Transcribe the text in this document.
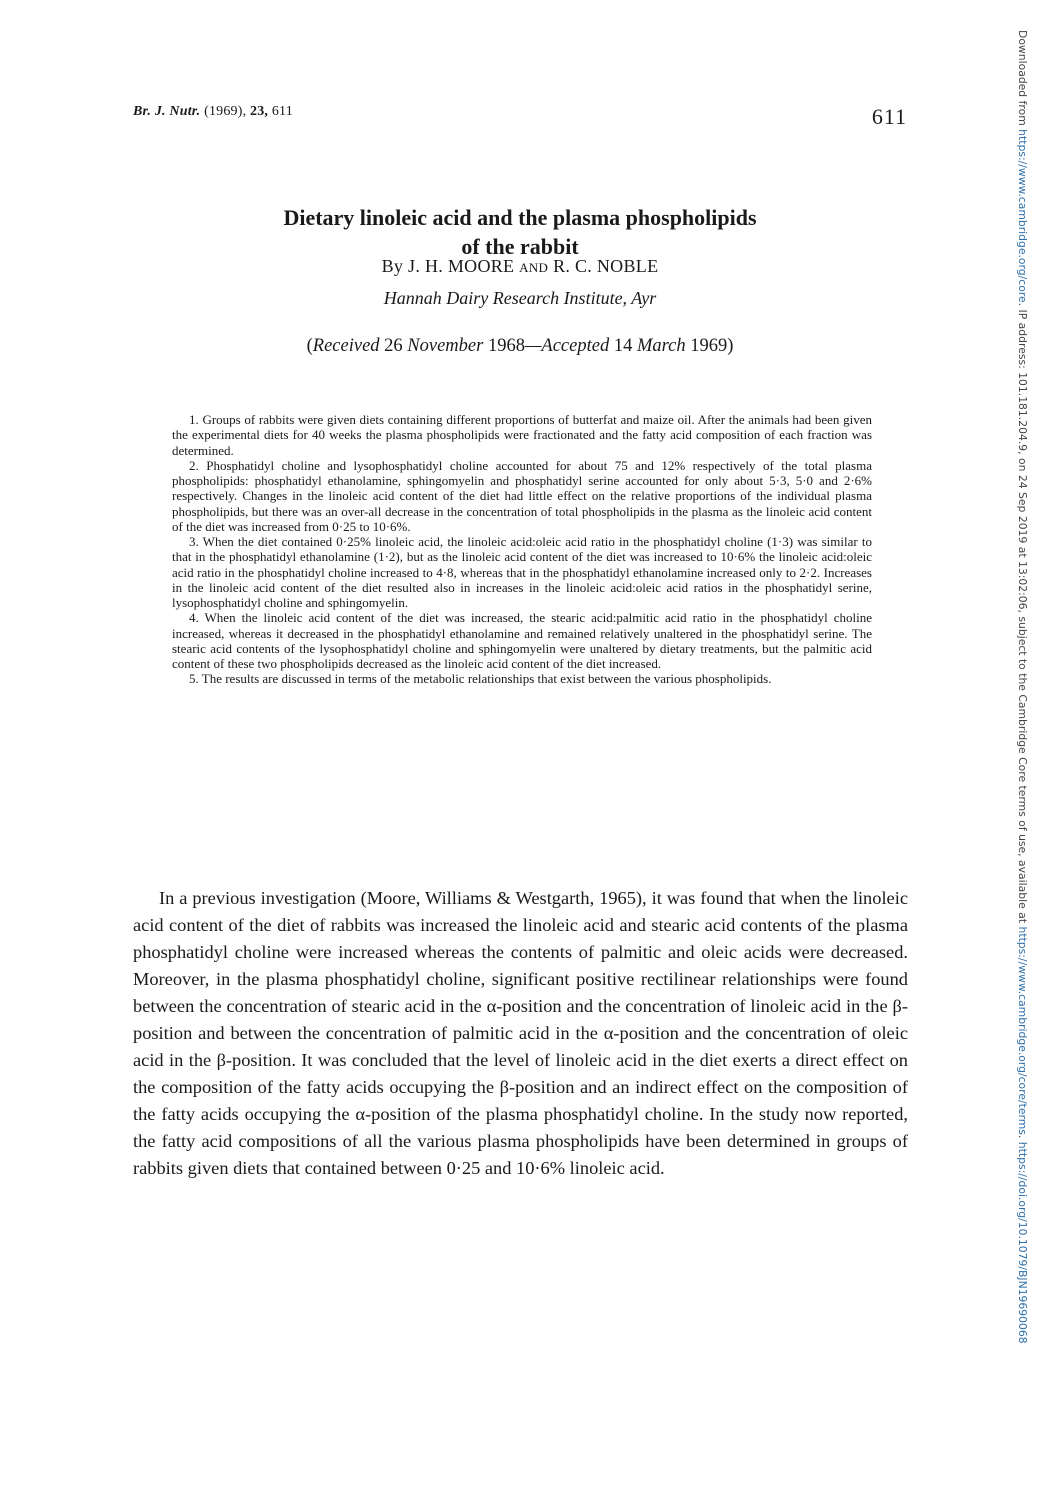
Br. J. Nutr. (1969), 23, 611	611
Dietary linoleic acid and the plasma phospholipids
of the rabbit
By J. H. MOORE AND R. C. NOBLE
Hannah Dairy Research Institute, Ayr
(Received 26 November 1968—Accepted 14 March 1969)

1. Groups of rabbits were given diets containing different proportions of butterfat and maize oil. After the animals had been given the experimental diets for 40 weeks the plasma phospholipids were fractionated and the fatty acid composition of each fraction was determined.

2. Phosphatidyl choline and lysophosphatidyl choline accounted for about 75 and 12% respectively of the total plasma phospholipids: phosphatidyl ethanolamine, sphingomyelin and phosphatidyl serine accounted for only about 5·3, 5·0 and 2·6% respectively. Changes in the linoleic acid content of the diet had little effect on the relative proportions of the individual plasma phospholipids, but there was an over-all decrease in the concentration of total phospholipids in the plasma as the linoleic acid content of the diet was increased from 0·25 to 10·6%.

3. When the diet contained 0·25% linoleic acid, the linoleic acid:oleic acid ratio in the phosphatidyl choline (1·3) was similar to that in the phosphatidyl ethanolamine (1·2), but as the linoleic acid content of the diet was increased to 10·6% the linoleic acid:oleic acid ratio in the phosphatidyl choline increased to 4·8, whereas that in the phosphatidyl ethanolamine increased only to 2·2. Increases in the linoleic acid content of the diet resulted also in increases in the linoleic acid:oleic acid ratios in the phosphatidyl serine, lysophosphatidyl choline and sphingomyelin.

4. When the linoleic acid content of the diet was increased, the stearic acid:palmitic acid ratio in the phosphatidyl choline increased, whereas it decreased in the phosphatidyl ethanolamine and remained relatively unaltered in the phosphatidyl serine. The stearic acid contents of the lysophosphatidyl choline and sphingomyelin were unaltered by dietary treatments, but the palmitic acid content of these two phospholipids decreased as the linoleic acid content of the diet increased.

5. The results are discussed in terms of the metabolic relationships that exist between the various phospholipids.

In a previous investigation (Moore, Williams & Westgarth, 1965), it was found that when the linoleic acid content of the diet of rabbits was increased the linoleic acid and stearic acid contents of the plasma phosphatidyl choline were increased whereas the contents of palmitic and oleic acids were decreased. Moreover, in the plasma phosphatidyl choline, significant positive rectilinear relationships were found between the concentration of stearic acid in the α-position and the concentration of linoleic acid in the β-position and between the concentration of palmitic acid in the α-position and the concentration of oleic acid in the β-position. It was concluded that the level of linoleic acid in the diet exerts a direct effect on the composition of the fatty acids occupying the β-position and an indirect effect on the composition of the fatty acids occupying the α-position of the plasma phosphatidyl choline. In the study now reported, the fatty acid compositions of all the various plasma phospholipids have been determined in groups of rabbits given diets that contained between 0·25 and 10·6% linoleic acid.

Downloaded from https://www.cambridge.org/core. IP address: 101.181.204.9, on 24 Sep 2019 at 13:02:06, subject to the Cambridge Core terms of use, available at https://www.cambridge.org/core/terms. https://doi.org/10.1079/BJN19690068
